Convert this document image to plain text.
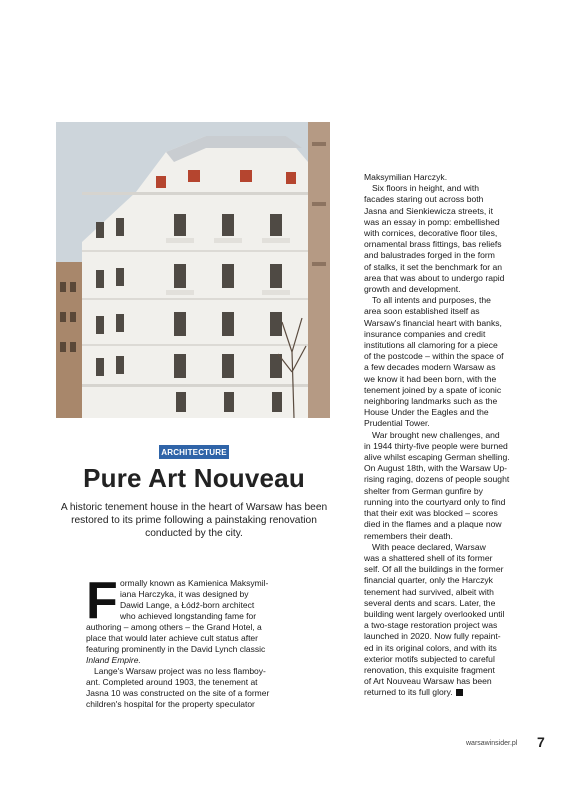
ARCHITECTURE
Pure Art Nouveau
A historic tenement house in the heart of Warsaw has been restored to its prime following a painstaking renovation conducted by the city.
F ormally known as Kamienica Maksymil-
iana Harczyka, it was designed by
Dawid Lange, a Łódź-born architect
who achieved longstanding fame for
authoring – among others – the Grand Hotel, a
place that would later achieve cult status after
featuring prominently in the David Lynch classic
Inland Empire.
Lange's Warsaw project was no less flamboy-
ant. Completed around 1903, the tenement at
Jasna 10 was constructed on the site of a former
children's hospital for the property speculator
Maksymilian Harczyk.
Six floors in height, and with
facades staring out across both
Jasna and Sienkiewicza streets, it
was an essay in pomp: embellished
with cornices, decorative floor tiles,
ornamental brass fittings, bas reliefs
and balustrades forged in the form
of stalks, it set the benchmark for an
area that was about to undergo rapid
growth and development.
To all intents and purposes, the
area soon established itself as
Warsaw's financial heart with banks,
insurance companies and credit
institutions all clamoring for a piece
of the postcode – within the space of
a few decades modern Warsaw as
we know it had been born, with the
tenement joined by a spate of iconic
neighboring landmarks such as the
House Under the Eagles and the
Prudential Tower.
War brought new challenges, and
in 1944 thirty-five people were burned
alive whilst escaping German shelling.
On August 18th, with the Warsaw Up-
rising raging, dozens of people sought
shelter from German gunfire by
running into the courtyard only to find
that their exit was blocked – scores
died in the flames and a plaque now
remembers their death.
With peace declared, Warsaw
was a shattered shell of its former
self. Of all the buildings in the former
financial quarter, only the Harczyk
tenement had survived, albeit with
several dents and scars. Later, the
building went largely overlooked until
a two-stage restoration project was
launched in 2020. Now fully repaint-
ed in its original colors, and with its
exterior motifs subjected to careful
renovation, this exquisite fragment
of Art Nouveau Warsaw has been
returned to its full glory.
warsawinsider.pl 7
